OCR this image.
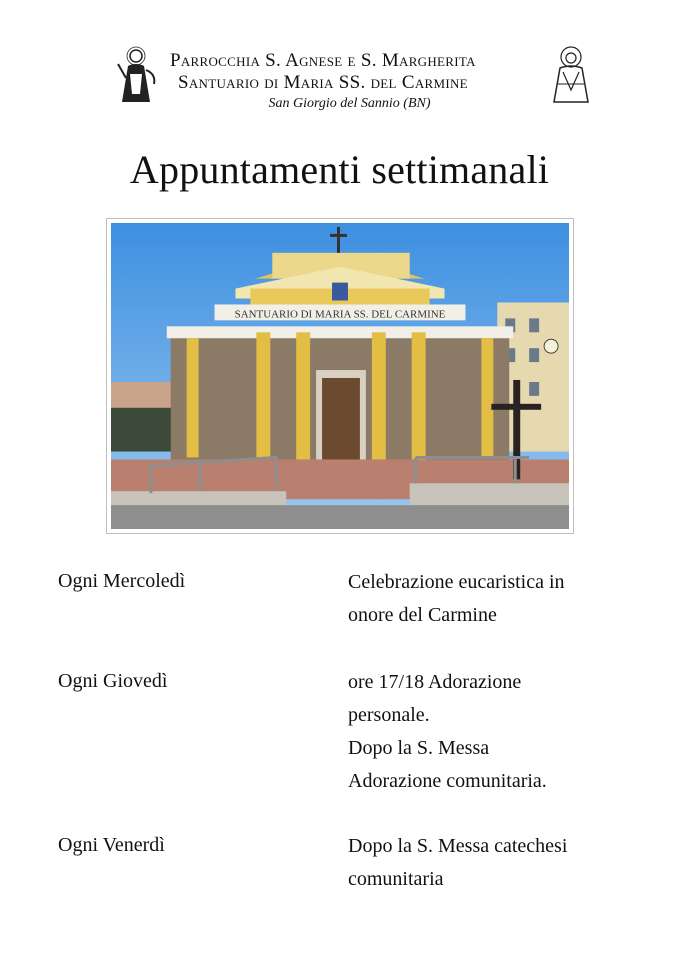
Parrocchia S. Agnese e S. Margherita
Santuario di Maria SS. del Carmine
San Giorgio del Sannio (BN)
Appuntamenti settimanali
SANTUARIO DI MARIA SS. DEL CARMINE
Ogni Mercoledì	Celebrazione eucaristica in
onore del Carmine
Ogni Giovedì	ore 17/18 Adorazione
personale.
Dopo la S. Messa
Adorazione comunitaria.
Ogni Venerdì	Dopo la S. Messa catechesi
comunitaria
